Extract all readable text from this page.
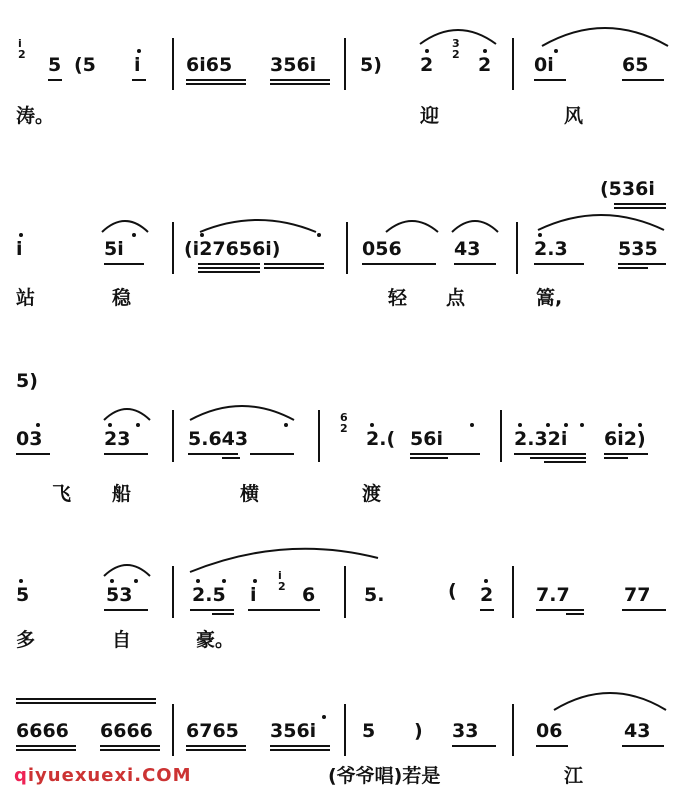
i
2 5 (5 i 6i65 356i 5) 2
3
2 2 0i	65
涛。	迎	风
(536i
i	5i	(i27656i)	056	43	2.3	535
站	稳	轻 点	篙,
5)
03	23	5.643
6
2 2.( 56i	2.32i 6i2)
飞 船	横	渡
5	53	2.5 i
i
2 6	5.	( 2 7.7	77
多	自	豪。
6666 6666 6765 356i 5 ) 33	06	43
(爷爷唱)若是	江
qiyuexuexi.COM
